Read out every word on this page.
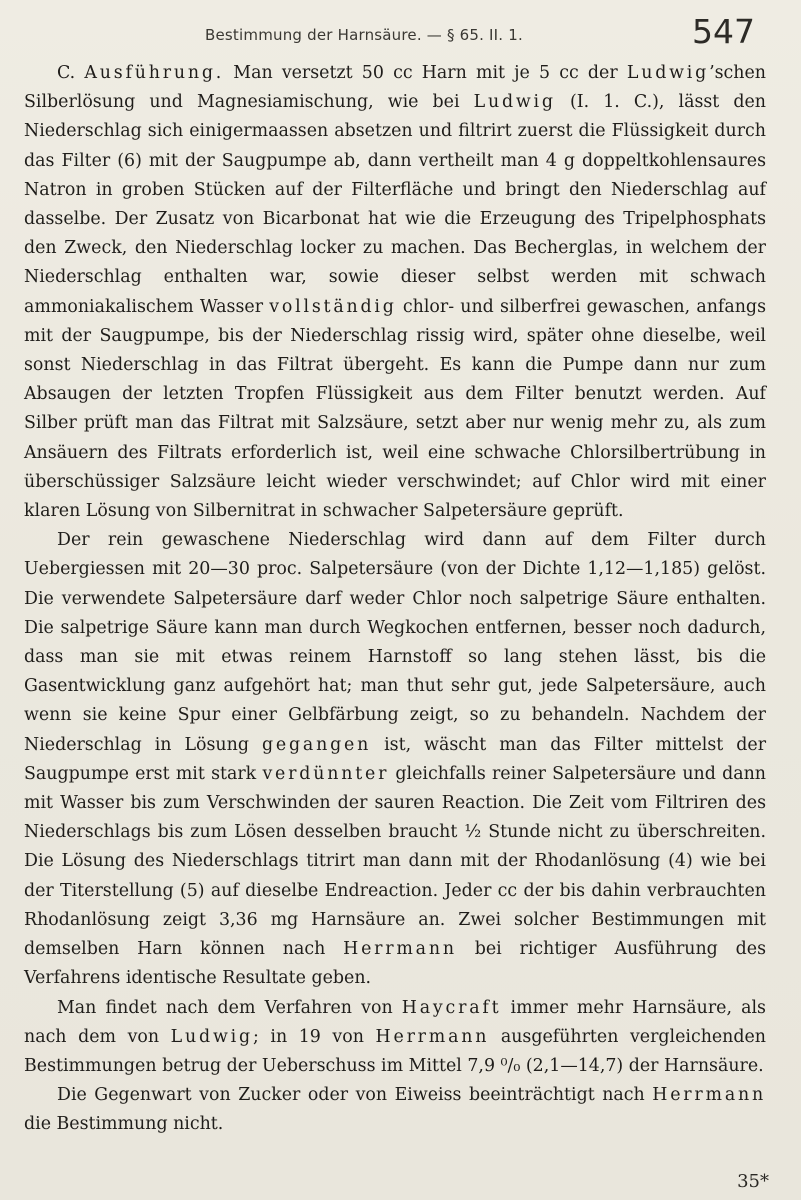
Bestimmung der Harnsäure. — § 65. II. 1.	547

C. Ausführung. Man versetzt 50 cc Harn mit je 5 cc der Ludwig’schen Silberlösung und Magnesiamischung, wie bei Ludwig (I. 1. C.), lässt den Niederschlag sich einigermaassen absetzen und filtrirt zuerst die Flüssigkeit durch das Filter (6) mit der Saugpumpe ab, dann vertheilt man 4 g doppeltkohlensaures Natron in groben Stücken auf der Filterfläche und bringt den Niederschlag auf dasselbe. Der Zusatz von Bicarbonat hat wie die Erzeugung des Tripelphosphats den Zweck, den Niederschlag locker zu machen. Das Becherglas, in welchem der Niederschlag enthalten war, sowie dieser selbst werden mit schwach ammoniakalischem Wasser vollständig chlor- und silberfrei gewaschen, anfangs mit der Saugpumpe, bis der Niederschlag rissig wird, später ohne dieselbe, weil sonst Niederschlag in das Filtrat übergeht. Es kann die Pumpe dann nur zum Absaugen der letzten Tropfen Flüssigkeit aus dem Filter benutzt werden. Auf Silber prüft man das Filtrat mit Salzsäure, setzt aber nur wenig mehr zu, als zum Ansäuern des Filtrats erforderlich ist, weil eine schwache Chlorsilbertrübung in überschüssiger Salzsäure leicht wieder verschwindet; auf Chlor wird mit einer klaren Lösung von Silbernitrat in schwacher Salpetersäure geprüft.

Der rein gewaschene Niederschlag wird dann auf dem Filter durch Uebergiessen mit 20—30 proc. Salpetersäure (von der Dichte 1,12—1,185) gelöst. Die verwendete Salpetersäure darf weder Chlor noch salpetrige Säure enthalten. Die salpetrige Säure kann man durch Wegkochen entfernen, besser noch dadurch, dass man sie mit etwas reinem Harnstoff so lang stehen lässt, bis die Gasentwicklung ganz aufgehört hat; man thut sehr gut, jede Salpetersäure, auch wenn sie keine Spur einer Gelbfärbung zeigt, so zu behandeln. Nachdem der Niederschlag in Lösung gegangen ist, wäscht man das Filter mittelst der Saugpumpe erst mit stark verdünnter gleichfalls reiner Salpetersäure und dann mit Wasser bis zum Verschwinden der sauren Reaction. Die Zeit vom Filtriren des Niederschlags bis zum Lösen desselben braucht ½ Stunde nicht zu überschreiten. Die Lösung des Niederschlags titrirt man dann mit der Rhodanlösung (4) wie bei der Titerstellung (5) auf dieselbe Endreaction. Jeder cc der bis dahin verbrauchten Rhodanlösung zeigt 3,36 mg Harnsäure an. Zwei solcher Bestimmungen mit demselben Harn können nach Herrmann bei richtiger Ausführung des Verfahrens identische Resultate geben.

Man findet nach dem Verfahren von Haycraft immer mehr Harnsäure, als nach dem von Ludwig; in 19 von Herrmann ausgeführten vergleichenden Bestimmungen betrug der Ueberschuss im Mittel 7,9 ⁰/₀ (2,1—14,7) der Harnsäure.

Die Gegenwart von Zucker oder von Eiweiss beeinträchtigt nach Herrmann die Bestimmung nicht.

35*
